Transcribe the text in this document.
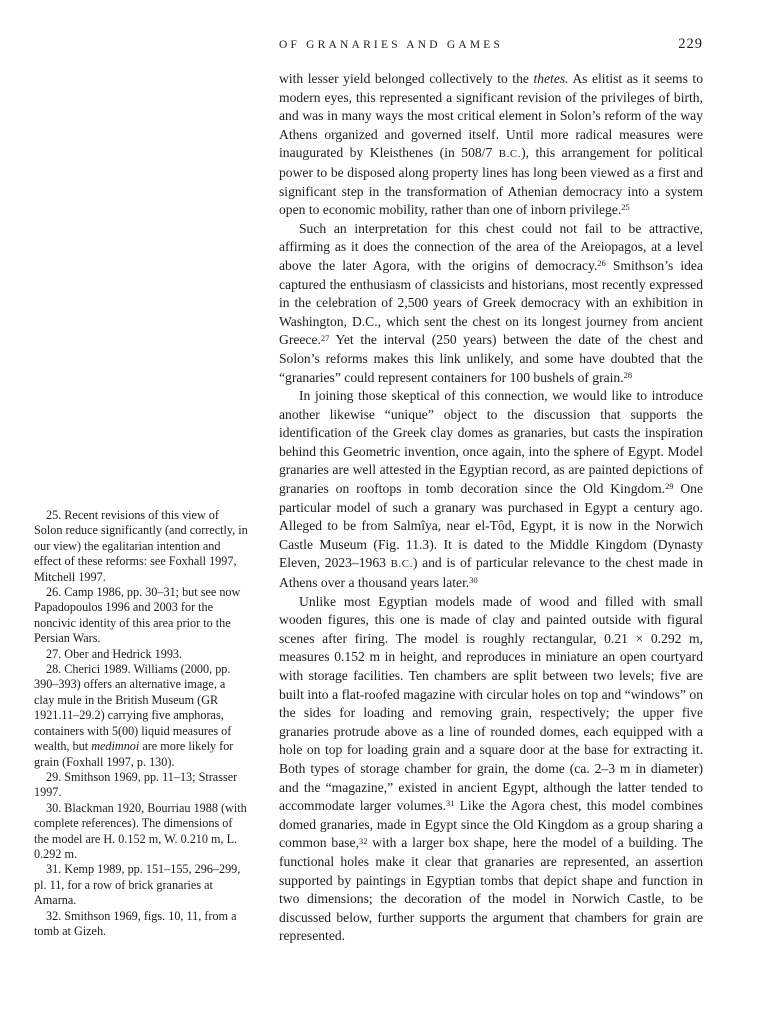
OF GRANARIES AND GAMES	229

25. Recent revisions of this view of Solon reduce significantly (and correctly, in our view) the egalitarian intention and effect of these reforms: see Foxhall 1997, Mitchell 1997.

26. Camp 1986, pp. 30–31; but see now Papadopoulos 1996 and 2003 for the noncivic identity of this area prior to the Persian Wars.

27. Ober and Hedrick 1993.

28. Cherici 1989. Williams (2000, pp. 390–393) offers an alternative image, a clay mule in the British Museum (GR 1921.11–29.2) carrying five amphoras, containers with 5(00) liquid measures of wealth, but medimnoi are more likely for grain (Foxhall 1997, p. 130).

29. Smithson 1969, pp. 11–13; Strasser 1997.

30. Blackman 1920, Bourriau 1988 (with complete references). The dimensions of the model are H. 0.152 m, W. 0.210 m, L. 0.292 m.

31. Kemp 1989, pp. 151–155, 296–299, pl. 11, for a row of brick granaries at Amarna.

32. Smithson 1969, figs. 10, 11, from a tomb at Gizeh.

with lesser yield belonged collectively to the thetes. As elitist as it seems to modern eyes, this represented a significant revision of the privileges of birth, and was in many ways the most critical element in Solon’s reform of the way Athens organized and governed itself. Until more radical measures were inaugurated by Kleisthenes (in 508/7 B.C.), this arrangement for political power to be disposed along property lines has long been viewed as a first and significant step in the transformation of Athenian democracy into a system open to economic mobility, rather than one of inborn privilege.$^{25}$

Such an interpretation for this chest could not fail to be attractive, affirming as it does the connection of the area of the Areiopagos, at a level above the later Agora, with the origins of democracy.$^{26}$ Smithson’s idea captured the enthusiasm of classicists and historians, most recently expressed in the celebration of 2,500 years of Greek democracy with an exhibition in Washington, D.C., which sent the chest on its longest journey from ancient Greece.$^{27}$ Yet the interval (250 years) between the date of the chest and Solon’s reforms makes this link unlikely, and some have doubted that the “granaries” could represent containers for 100 bushels of grain.$^{28}$

In joining those skeptical of this connection, we would like to introduce another likewise “unique” object to the discussion that supports the identification of the Greek clay domes as granaries, but casts the inspiration behind this Geometric invention, once again, into the sphere of Egypt. Model granaries are well attested in the Egyptian record, as are painted depictions of granaries on rooftops in tomb decoration since the Old Kingdom.$^{29}$ One particular model of such a granary was purchased in Egypt a century ago. Alleged to be from Salmîya, near el-Tôd, Egypt, it is now in the Norwich Castle Museum (Fig. 11.3). It is dated to the Middle Kingdom (Dynasty Eleven, 2023–1963 B.C.) and is of particular relevance to the chest made in Athens over a thousand years later.$^{30}$

Unlike most Egyptian models made of wood and filled with small wooden figures, this one is made of clay and painted outside with figural scenes after firing. The model is roughly rectangular, 0.21 × 0.292 m, measures 0.152 m in height, and reproduces in miniature an open courtyard with storage facilities. Ten chambers are split between two levels; five are built into a flat-roofed magazine with circular holes on top and “windows” on the sides for loading and removing grain, respectively; the upper five granaries protrude above as a line of rounded domes, each equipped with a hole on top for loading grain and a square door at the base for extracting it. Both types of storage chamber for grain, the dome (ca. 2–3 m in diameter) and the “magazine,” existed in ancient Egypt, although the latter tended to accommodate larger volumes.$^{31}$ Like the Agora chest, this model combines domed granaries, made in Egypt since the Old Kingdom as a group sharing a common base,$^{32}$ with a larger box shape, here the model of a building. The functional holes make it clear that granaries are represented, an assertion supported by paintings in Egyptian tombs that depict shape and function in two dimensions; the decoration of the model in Norwich Castle, to be discussed below, further supports the argument that chambers for grain are represented.
